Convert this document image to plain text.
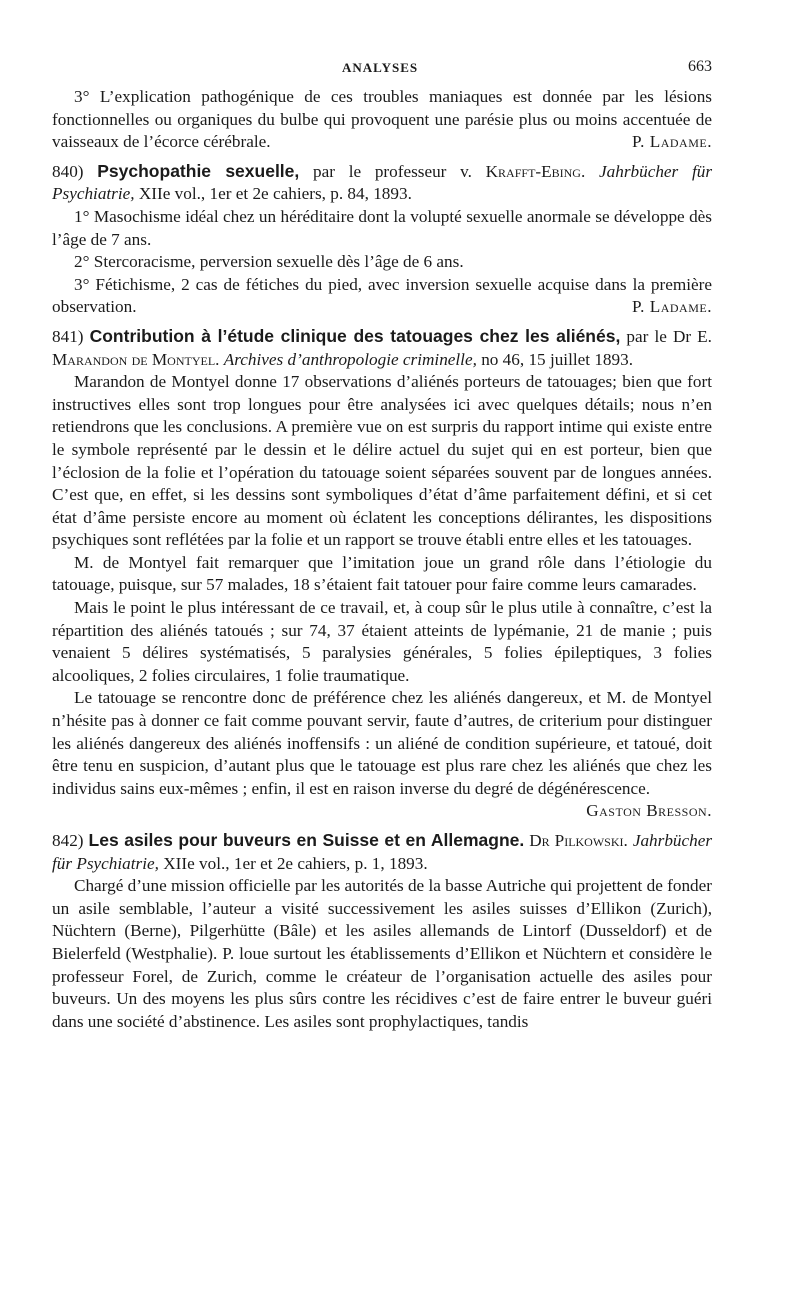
ANALYSES	663

3° L’explication pathogénique de ces troubles maniaques est donnée par les lésions fonctionnelles ou organiques du bulbe qui provoquent une parésie plus ou moins accentuée de vaisseaux de l’écorce cérébrale.	P. Ladame.

840) Psychopathie sexuelle, par le professeur v. Krafft-Ebing. Jahrbücher für Psychiatrie, XIIe vol., 1er et 2e cahiers, p. 84, 1893.

1° Masochisme idéal chez un héréditaire dont la volupté sexuelle anormale se développe dès l’âge de 7 ans.

2° Stercoracisme, perversion sexuelle dès l’âge de 6 ans.

3° Fétichisme, 2 cas de fétiches du pied, avec inversion sexuelle acquise dans la première observation.	P. Ladame.

841) Contribution à l’étude clinique des tatouages chez les aliénés, par le Dr E. Marandon de Montyel. Archives d’anthropologie criminelle, no 46, 15 juillet 1893.

Marandon de Montyel donne 17 observations d’aliénés porteurs de tatouages; bien que fort instructives elles sont trop longues pour être analysées ici avec quelques détails; nous n’en retiendrons que les conclusions. A première vue on est surpris du rapport intime qui existe entre le symbole représenté par le dessin et le délire actuel du sujet qui en est porteur, bien que l’éclosion de la folie et l’opération du tatouage soient séparées souvent par de longues années. C’est que, en effet, si les dessins sont symboliques d’état d’âme parfaitement défini, et si cet état d’âme persiste encore au moment où éclatent les conceptions délirantes, les dispositions psychiques sont reflétées par la folie et un rapport se trouve établi entre elles et les tatouages.

M. de Montyel fait remarquer que l’imitation joue un grand rôle dans l’étiologie du tatouage, puisque, sur 57 malades, 18 s’étaient fait tatouer pour faire comme leurs camarades.

Mais le point le plus intéressant de ce travail, et, à coup sûr le plus utile à connaître, c’est la répartition des aliénés tatoués ; sur 74, 37 étaient atteints de lypémanie, 21 de manie ; puis venaient 5 délires systématisés, 5 paralysies générales, 5 folies épileptiques, 3 folies alcooliques, 2 folies circulaires, 1 folie traumatique.

Le tatouage se rencontre donc de préférence chez les aliénés dangereux, et M. de Montyel n’hésite pas à donner ce fait comme pouvant servir, faute d’autres, de criterium pour distinguer les aliénés dangereux des aliénés inoffensifs : un aliéné de condition supérieure, et tatoué, doit être tenu en suspicion, d’autant plus que le tatouage est plus rare chez les aliénés que chez les individus sains eux-mêmes ; enfin, il est en raison inverse du degré de dégénérescence.

Gaston Bresson.

842) Les asiles pour buveurs en Suisse et en Allemagne. Dr Pilkowski. Jahrbücher für Psychiatrie, XIIe vol., 1er et 2e cahiers, p. 1, 1893.

Chargé d’une mission officielle par les autorités de la basse Autriche qui projettent de fonder un asile semblable, l’auteur a visité successivement les asiles suisses d’Ellikon (Zurich), Nüchtern (Berne), Pilgerhütte (Bâle) et les asiles allemands de Lintorf (Dusseldorf) et de Bielerfeld (Westphalie). P. loue surtout les établissements d’Ellikon et Nüchtern et considère le professeur Forel, de Zurich, comme le créateur de l’organisation actuelle des asiles pour buveurs. Un des moyens les plus sûrs contre les récidives c’est de faire entrer le buveur guéri dans une société d’abstinence. Les asiles sont prophylactiques, tandis
